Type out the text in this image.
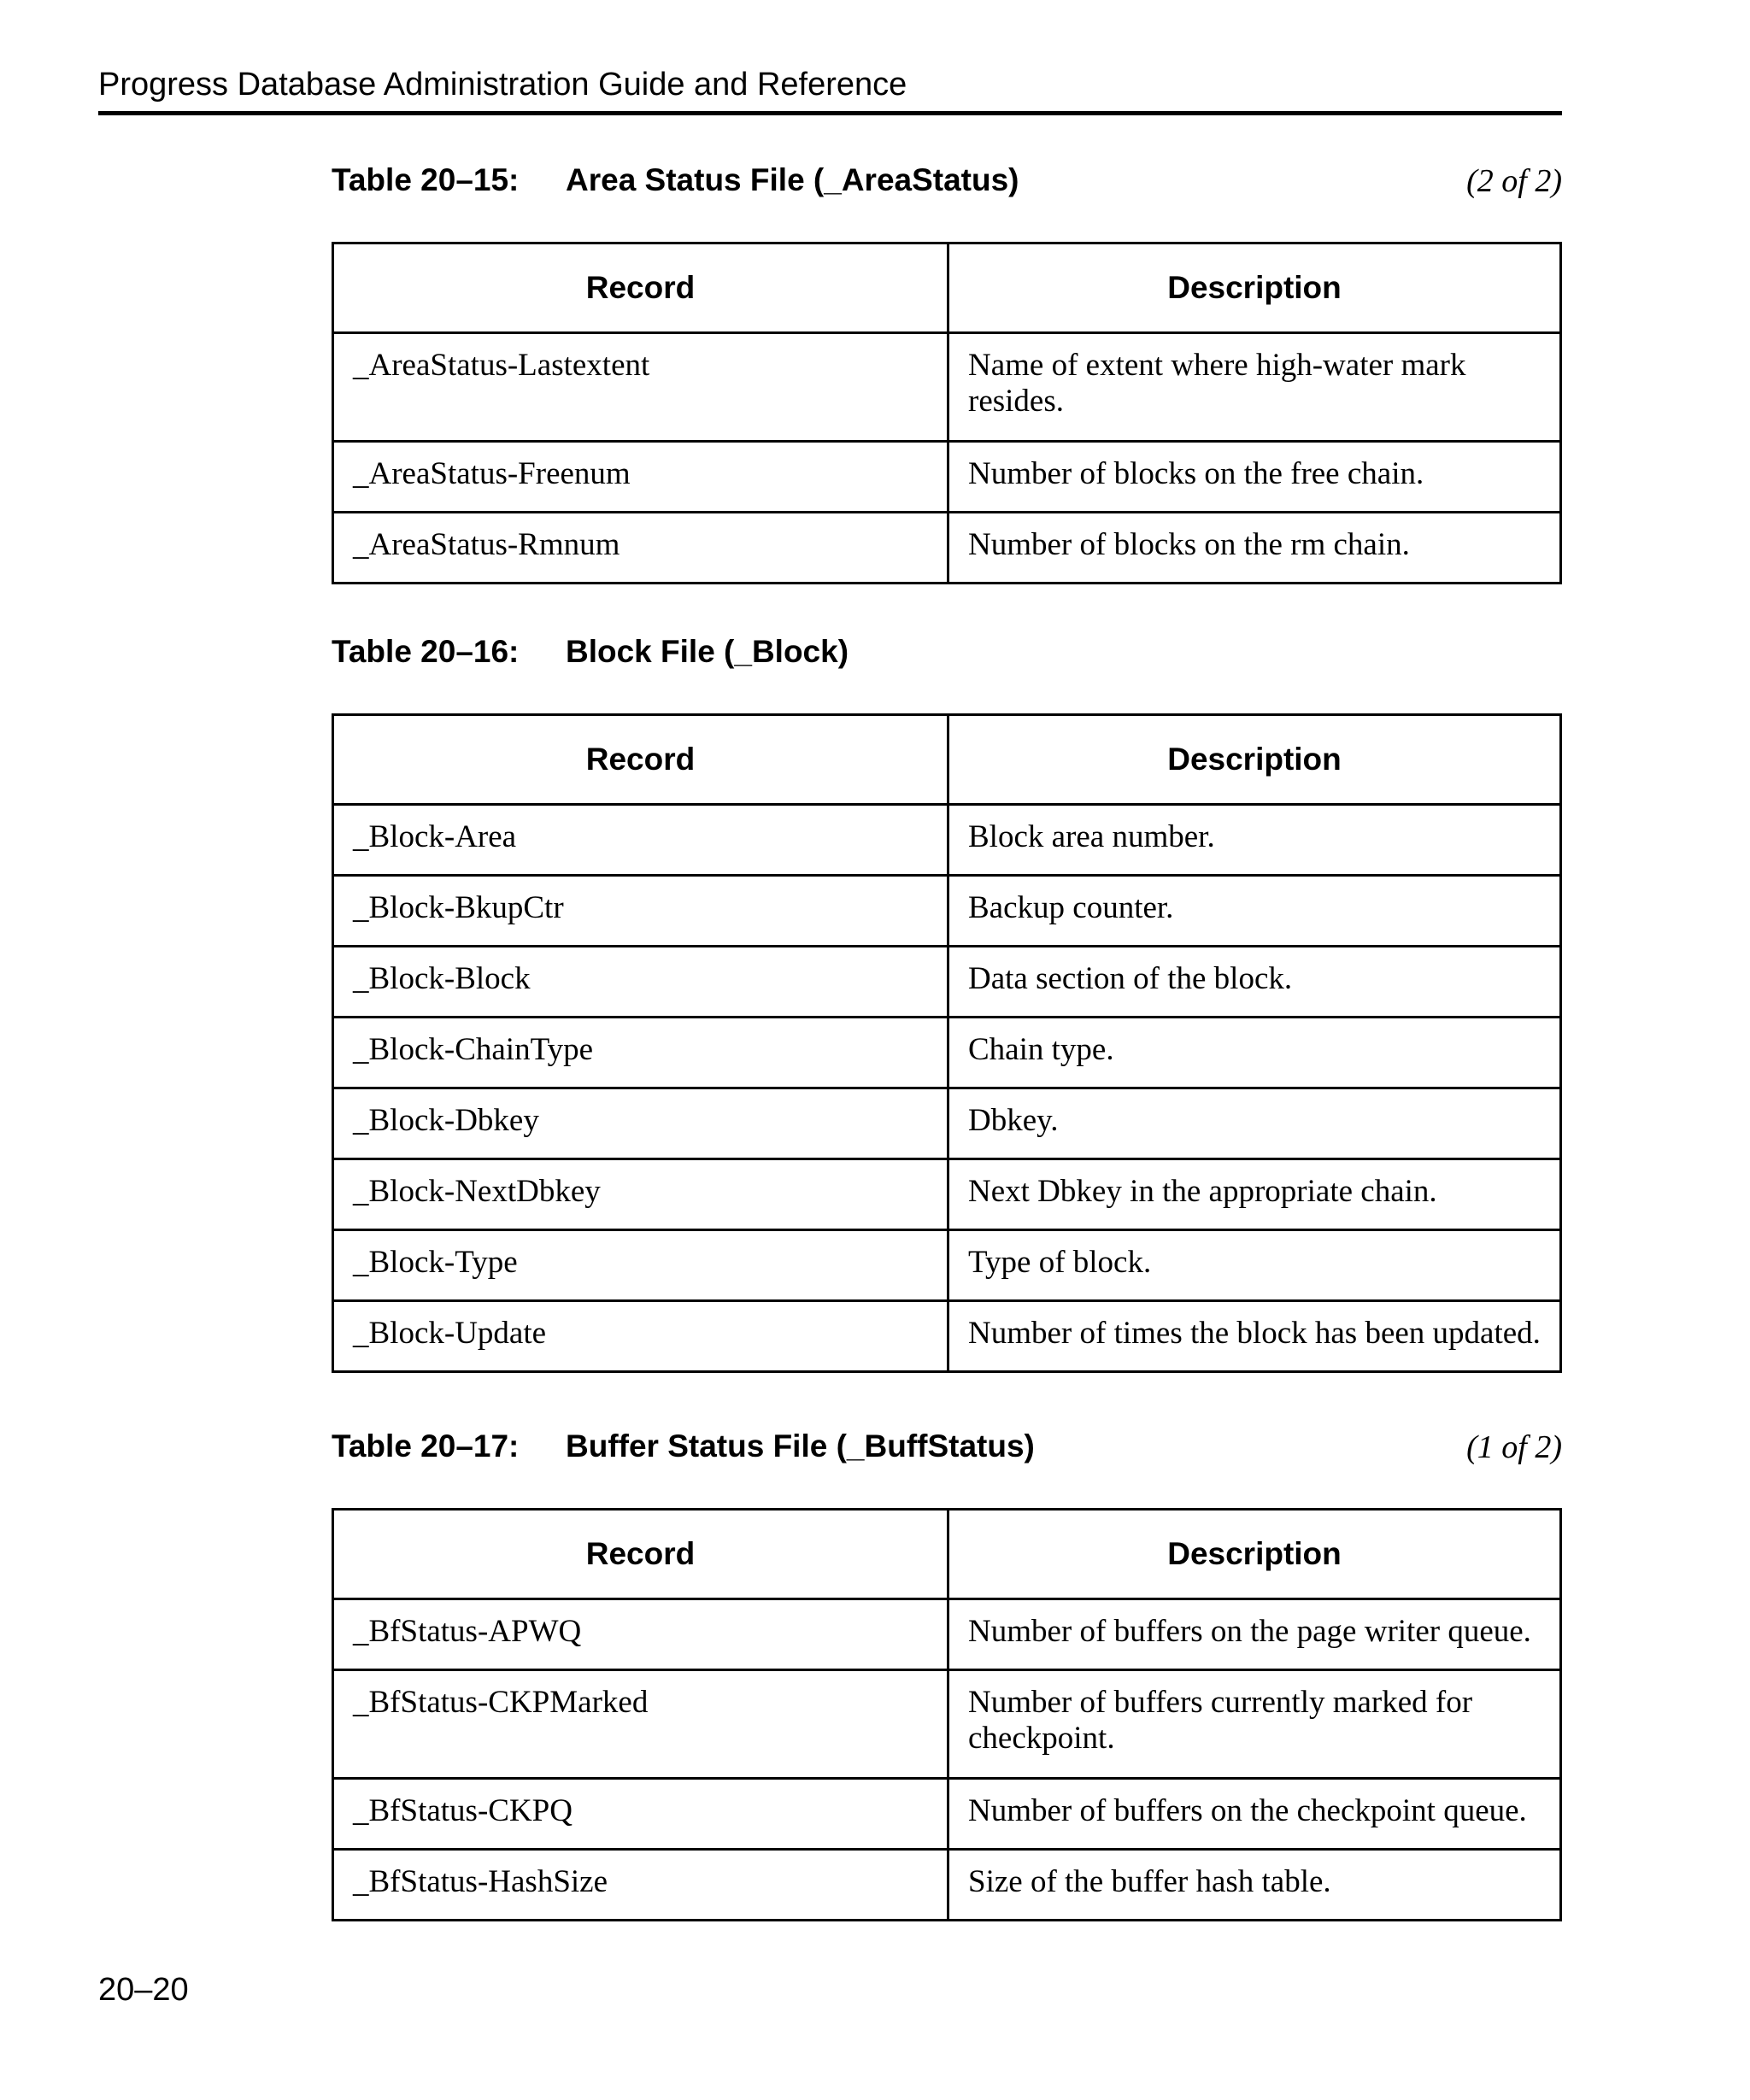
Progress Database Administration Guide and Reference
Table 20–15: Area Status File (_AreaStatus)	(2 of 2)
Record	Description
_AreaStatus-Lastextent	Name of extent where high-water mark resides.
_AreaStatus-Freenum	Number of blocks on the free chain.
_AreaStatus-Rmnum	Number of blocks on the rm chain.
Table 20–16: Block File (_Block)
Record	Description
_Block-Area	Block area number.
_Block-BkupCtr	Backup counter.
_Block-Block	Data section of the block.
_Block-ChainType	Chain type.
_Block-Dbkey	Dbkey.
_Block-NextDbkey	Next Dbkey in the appropriate chain.
_Block-Type	Type of block.
_Block-Update	Number of times the block has been updated.
Table 20–17: Buffer Status File (_BuffStatus)	(1 of 2)
Record	Description
_BfStatus-APWQ	Number of buffers on the page writer queue.
_BfStatus-CKPMarked	Number of buffers currently marked for checkpoint.
_BfStatus-CKPQ	Number of buffers on the checkpoint queue.
_BfStatus-HashSize	Size of the buffer hash table.
20–20
